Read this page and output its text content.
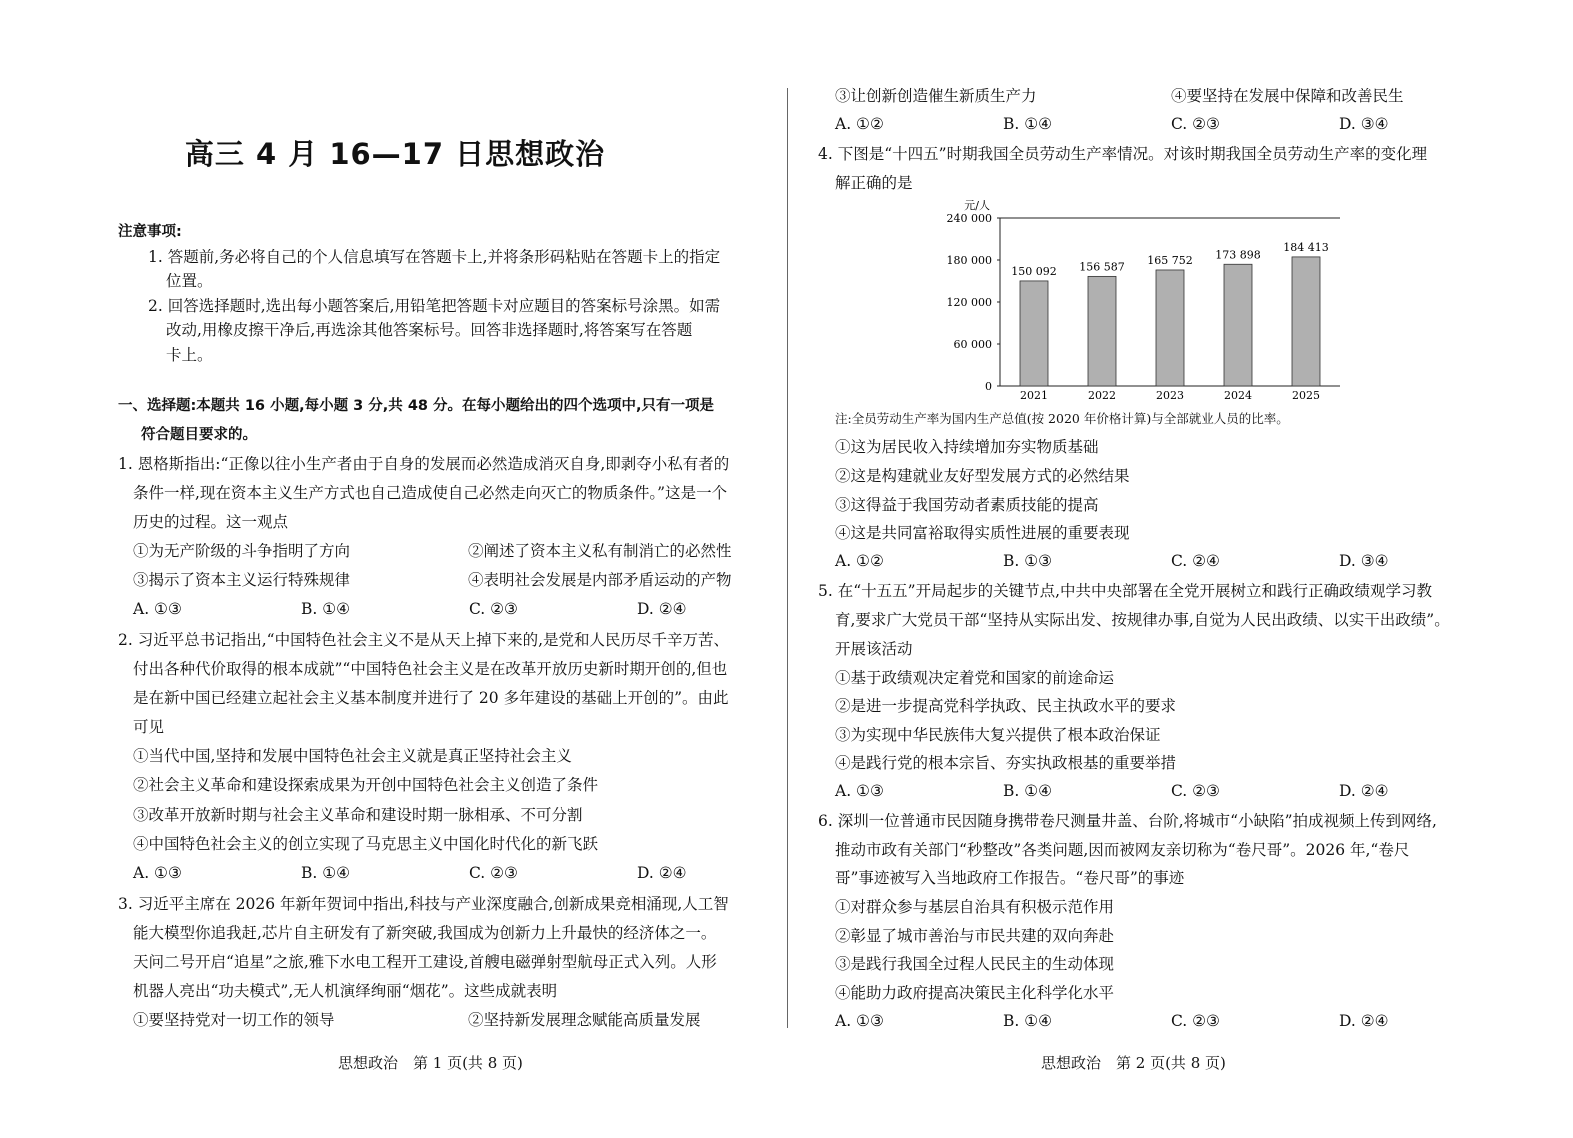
高三 4 月 16—17 日思想政治
注意事项:
1. 答题前,务必将自己的个人信息填写在答题卡上,并将条形码粘贴在答题卡上的指定
位置。
2. 回答选择题时,选出每小题答案后,用铅笔把答题卡对应题目的答案标号涂黑。如需
改动,用橡皮擦干净后,再选涂其他答案标号。回答非选择题时,将答案写在答题
卡上。
一、选择题:本题共 16 小题,每小题 3 分,共 48 分。在每小题给出的四个选项中,只有一项是
符合题目要求的。
1. 恩格斯指出:“正像以往小生产者由于自身的发展而必然造成消灭自身,即剥夺小私有者的
条件一样,现在资本主义生产方式也自己造成使自己必然走向灭亡的物质条件。”这是一个
历史的过程。这一观点
①为无产阶级的斗争指明了方向	②阐述了资本主义私有制消亡的必然性
③揭示了资本主义运行特殊规律	④表明社会发展是内部矛盾运动的产物
A. ①③	B. ①④	C. ②③	D. ②④
2. 习近平总书记指出,“中国特色社会主义不是从天上掉下来的,是党和人民历尽千辛万苦、
付出各种代价取得的根本成就”“中国特色社会主义是在改革开放历史新时期开创的,但也
是在新中国已经建立起社会主义基本制度并进行了 20 多年建设的基础上开创的”。由此
可见
①当代中国,坚持和发展中国特色社会主义就是真正坚持社会主义
②社会主义革命和建设探索成果为开创中国特色社会主义创造了条件
③改革开放新时期与社会主义革命和建设时期一脉相承、不可分割
④中国特色社会主义的创立实现了马克思主义中国化时代化的新飞跃
A. ①③	B. ①④	C. ②③	D. ②④
3. 习近平主席在 2026 年新年贺词中指出,科技与产业深度融合,创新成果竞相涌现,人工智
能大模型你追我赶,芯片自主研发有了新突破,我国成为创新力上升最快的经济体之一。
天问二号开启“追星”之旅,雅下水电工程开工建设,首艘电磁弹射型航母正式入列。人形
机器人亮出“功夫模式”,无人机演绎绚丽“烟花”。这些成就表明
①要坚持党对一切工作的领导	②坚持新发展理念赋能高质量发展
③让创新创造催生新质生产力	④要坚持在发展中保障和改善民生
A. ①②	B. ①④	C. ②③	D. ③④
4. 下图是“十四五”时期我国全员劳动生产率情况。对该时期我国全员劳动生产率的变化理
解正确的是
元/人
0
60 000
120 000
180 000
240 000
150 092
2021
156 587
2022
165 752
2023
173 898
2024
184 413
2025
注:全员劳动生产率为国内生产总值(按 2020 年价格计算)与全部就业人员的比率。
①这为居民收入持续增加夯实物质基础
②这是构建就业友好型发展方式的必然结果
③这得益于我国劳动者素质技能的提高
④这是共同富裕取得实质性进展的重要表现
A. ①②	B. ①③	C. ②④	D. ③④
5. 在“十五五”开局起步的关键节点,中共中央部署在全党开展树立和践行正确政绩观学习教
育,要求广大党员干部“坚持从实际出发、按规律办事,自觉为人民出政绩、以实干出政绩”。
开展该活动
①基于政绩观决定着党和国家的前途命运
②是进一步提高党科学执政、民主执政水平的要求
③为实现中华民族伟大复兴提供了根本政治保证
④是践行党的根本宗旨、夯实执政根基的重要举措
A. ①③	B. ①④	C. ②③	D. ②④
6. 深圳一位普通市民因随身携带卷尺测量井盖、台阶,将城市“小缺陷”拍成视频上传到网络,
推动市政有关部门“秒整改”各类问题,因而被网友亲切称为“卷尺哥”。2026 年,“卷尺
哥”事迹被写入当地政府工作报告。“卷尺哥”的事迹
①对群众参与基层自治具有积极示范作用
②彰显了城市善治与市民共建的双向奔赴
③是践行我国全过程人民民主的生动体现
④能助力政府提高决策民主化科学化水平
A. ①③	B. ①④	C. ②③	D. ②④
思想政治　第 1 页(共 8 页)	思想政治　第 2 页(共 8 页)
